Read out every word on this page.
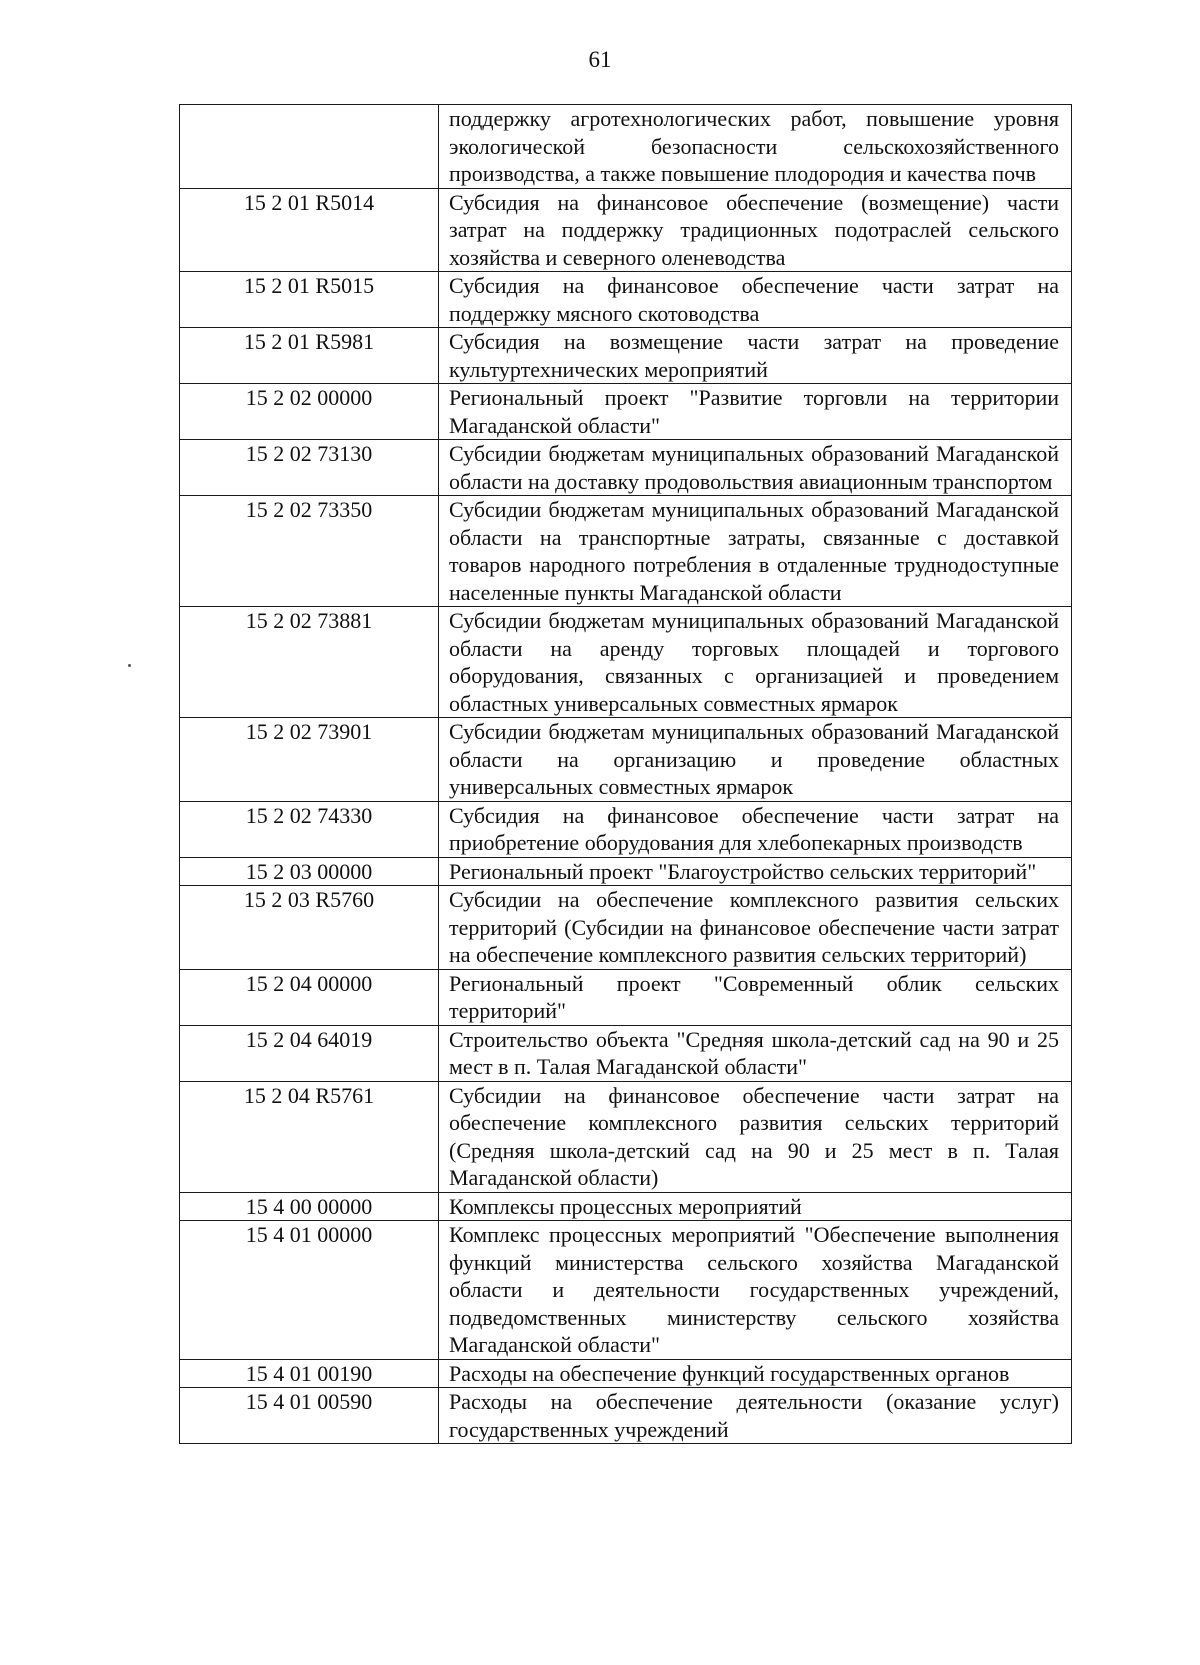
61
	поддержку агротехнологических работ, повышение уровня экологической безопасности сельскохозяйственного производства, а также повышение плодородия и качества почв
15 2 01 R5014	Субсидия на финансовое обеспечение (возмещение) части затрат на поддержку традиционных подотраслей сельского хозяйства и северного оленеводства
15 2 01 R5015	Субсидия на финансовое обеспечение части затрат на поддержку мясного скотоводства
15 2 01 R5981	Субсидия на возмещение части затрат на проведение культуртехнических мероприятий
15 2 02 00000	Региональный проект "Развитие торговли на территории Магаданской области"
15 2 02 73130	Субсидии бюджетам муниципальных образований Магаданской области на доставку продовольствия авиационным транспортом
15 2 02 73350	Субсидии бюджетам муниципальных образований Магаданской области на транспортные затраты, связанные с доставкой товаров народного потребления в отдаленные труднодоступные населенные пункты Магаданской области
15 2 02 73881	Субсидии бюджетам муниципальных образований Магаданской области на аренду торговых площадей и торгового оборудования, связанных с организацией и проведением областных универсальных совместных ярмарок
15 2 02 73901	Субсидии бюджетам муниципальных образований Магаданской области на организацию и проведение областных универсальных совместных ярмарок
15 2 02 74330	Субсидия на финансовое обеспечение части затрат на приобретение оборудования для хлебопекарных производств
15 2 03 00000	Региональный проект "Благоустройство сельских территорий"
15 2 03 R5760	Субсидии на обеспечение комплексного развития сельских территорий (Субсидии на финансовое обеспечение части затрат на обеспечение комплексного развития сельских территорий)
15 2 04 00000	Региональный проект "Современный облик сельских территорий"
15 2 04 64019	Строительство объекта "Средняя школа-детский сад на 90 и 25 мест в п. Талая Магаданской области"
15 2 04 R5761	Субсидии на финансовое обеспечение части затрат на обеспечение комплексного развития сельских территорий (Средняя школа-детский сад на 90 и 25 мест в п. Талая Магаданской области)
15 4 00 00000	Комплексы процессных мероприятий
15 4 01 00000	Комплекс процессных мероприятий "Обеспечение выполнения функций министерства сельского хозяйства Магаданской области и деятельности государственных учреждений, подведомственных министерству сельского хозяйства Магаданской области"
15 4 01 00190	Расходы на обеспечение функций государственных органов
15 4 01 00590	Расходы на обеспечение деятельности (оказание услуг) государственных учреждений
